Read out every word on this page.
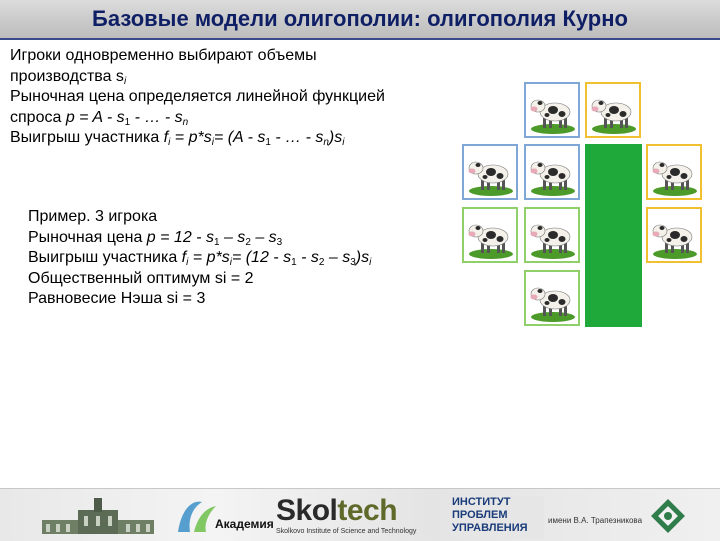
Базовые модели олигополии: олигополия Курно
Игроки одновременно выбирают объемы
производства $s_i$
Рыночная цена определяется линейной функцией
спроса $p = A - s_1$ - … - $s_n$
Выигрыш участника $f_i = p*s_i= (A - s_1$ - … - $s_n)s_i$
Пример. 3 игрока
Рыночная цена $p = 12 - s_1 - s_2 - s_3$
Выигрыш участника $f_i = p*s_i= (12 - s_1 - s_2 - s_3)s_i$
Общественный оптимум si = 2
Равновесие Нэша si = 3
Академия Skoltech
Skolkovo Institute of Science and Technology
ИНСТИТУТ
ПРОБЛЕМ
УПРАВЛЕНИЯ
имени В.А. Трапезникова
